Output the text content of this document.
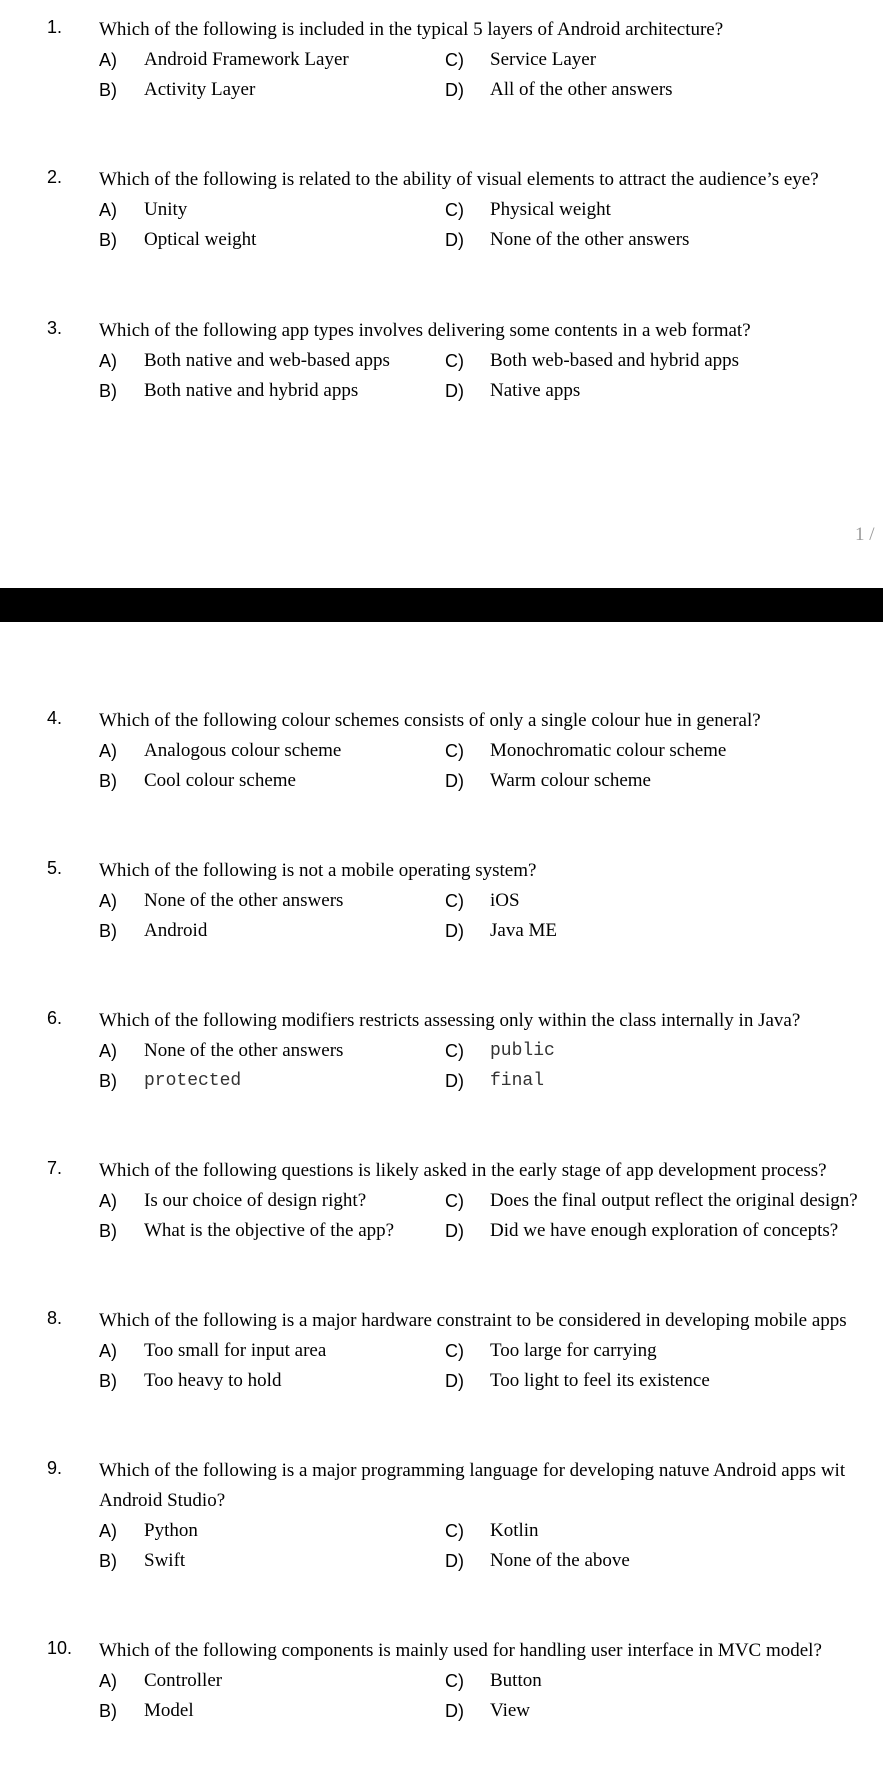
1. Which of the following is included in the typical 5 layers of Android architecture?
A) Android Framework Layer
B) Activity Layer
C) Service Layer
D) All of the other answers
2. Which of the following is related to the ability of visual elements to attract the audience’s eye?
A) Unity
B) Optical weight
C) Physical weight
D) None of the other answers
3. Which of the following app types involves delivering some contents in a web format?
A) Both native and web-based apps
B) Both native and hybrid apps
C) Both web-based and hybrid apps
D) Native apps
1 /
4. Which of the following colour schemes consists of only a single colour hue in general?
A) Analogous colour scheme
B) Cool colour scheme
C) Monochromatic colour scheme
D) Warm colour scheme
5. Which of the following is not a mobile operating system?
A) None of the other answers
B) Android
C) iOS
D) Java ME
6. Which of the following modifiers restricts assessing only within the class internally in Java?
A) None of the other answers
B) protected
C) public
D) final
7. Which of the following questions is likely asked in the early stage of app development process?
A) Is our choice of design right?
B) What is the objective of the app?
C) Does the final output reflect the original design?
D) Did we have enough exploration of concepts?
8. Which of the following is a major hardware constraint to be considered in developing mobile apps
A) Too small for input area
B) Too heavy to hold
C) Too large for carrying
D) Too light to feel its existence
9. Which of the following is a major programming language for developing natuve Android apps wit
Android Studio?
A) Python
B) Swift
C) Kotlin
D) None of the above
10. Which of the following components is mainly used for handling user interface in MVC model?
A) Controller
B) Model
C) Button
D) View
